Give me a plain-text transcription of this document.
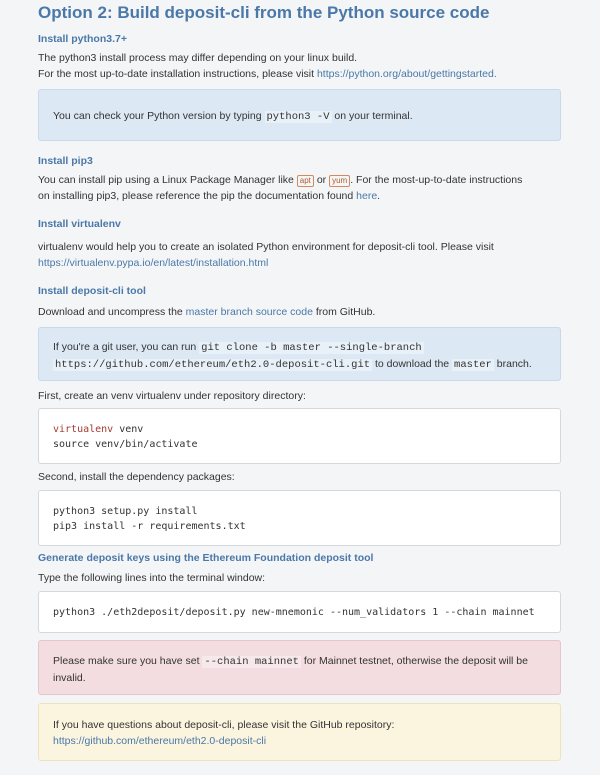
Option 2: Build deposit-cli from the Python source code
Install python3.7+
The python3 install process may differ depending on your linux build.
For the most up-to-date installation instructions, please visit https://python.org/about/gettingstarted.
You can check your Python version by typing python3 -V on your terminal.
Install pip3
You can install pip using a Linux Package Manager like apt or yum . For the most-up-to-date instructions
on installing pip3, please reference the pip the documentation found here.
Install virtualenv
virtualenv would help you to create an isolated Python environment for deposit-cli tool. Please visit
https://virtualenv.pypa.io/en/latest/installation.html
Install deposit-cli tool
Download and uncompress the master branch source code from GitHub.
If you're a git user, you can run git clone -b master --single-branch
https://github.com/ethereum/eth2.0-deposit-cli.git to download the master branch.
First, create an venv virtualenv under repository directory:
virtualenv venv
source venv/bin/activate
Second, install the dependency packages:
python3 setup.py install
pip3 install -r requirements.txt
Generate deposit keys using the Ethereum Foundation deposit tool
Type the following lines into the terminal window:
python3 ./eth2deposit/deposit.py new-mnemonic --num_validators 1 --chain mainnet
Please make sure you have set --chain mainnet for Mainnet testnet, otherwise the deposit will be
invalid.
If you have questions about deposit-cli, please visit the GitHub repository:
https://github.com/ethereum/eth2.0-deposit-cli
